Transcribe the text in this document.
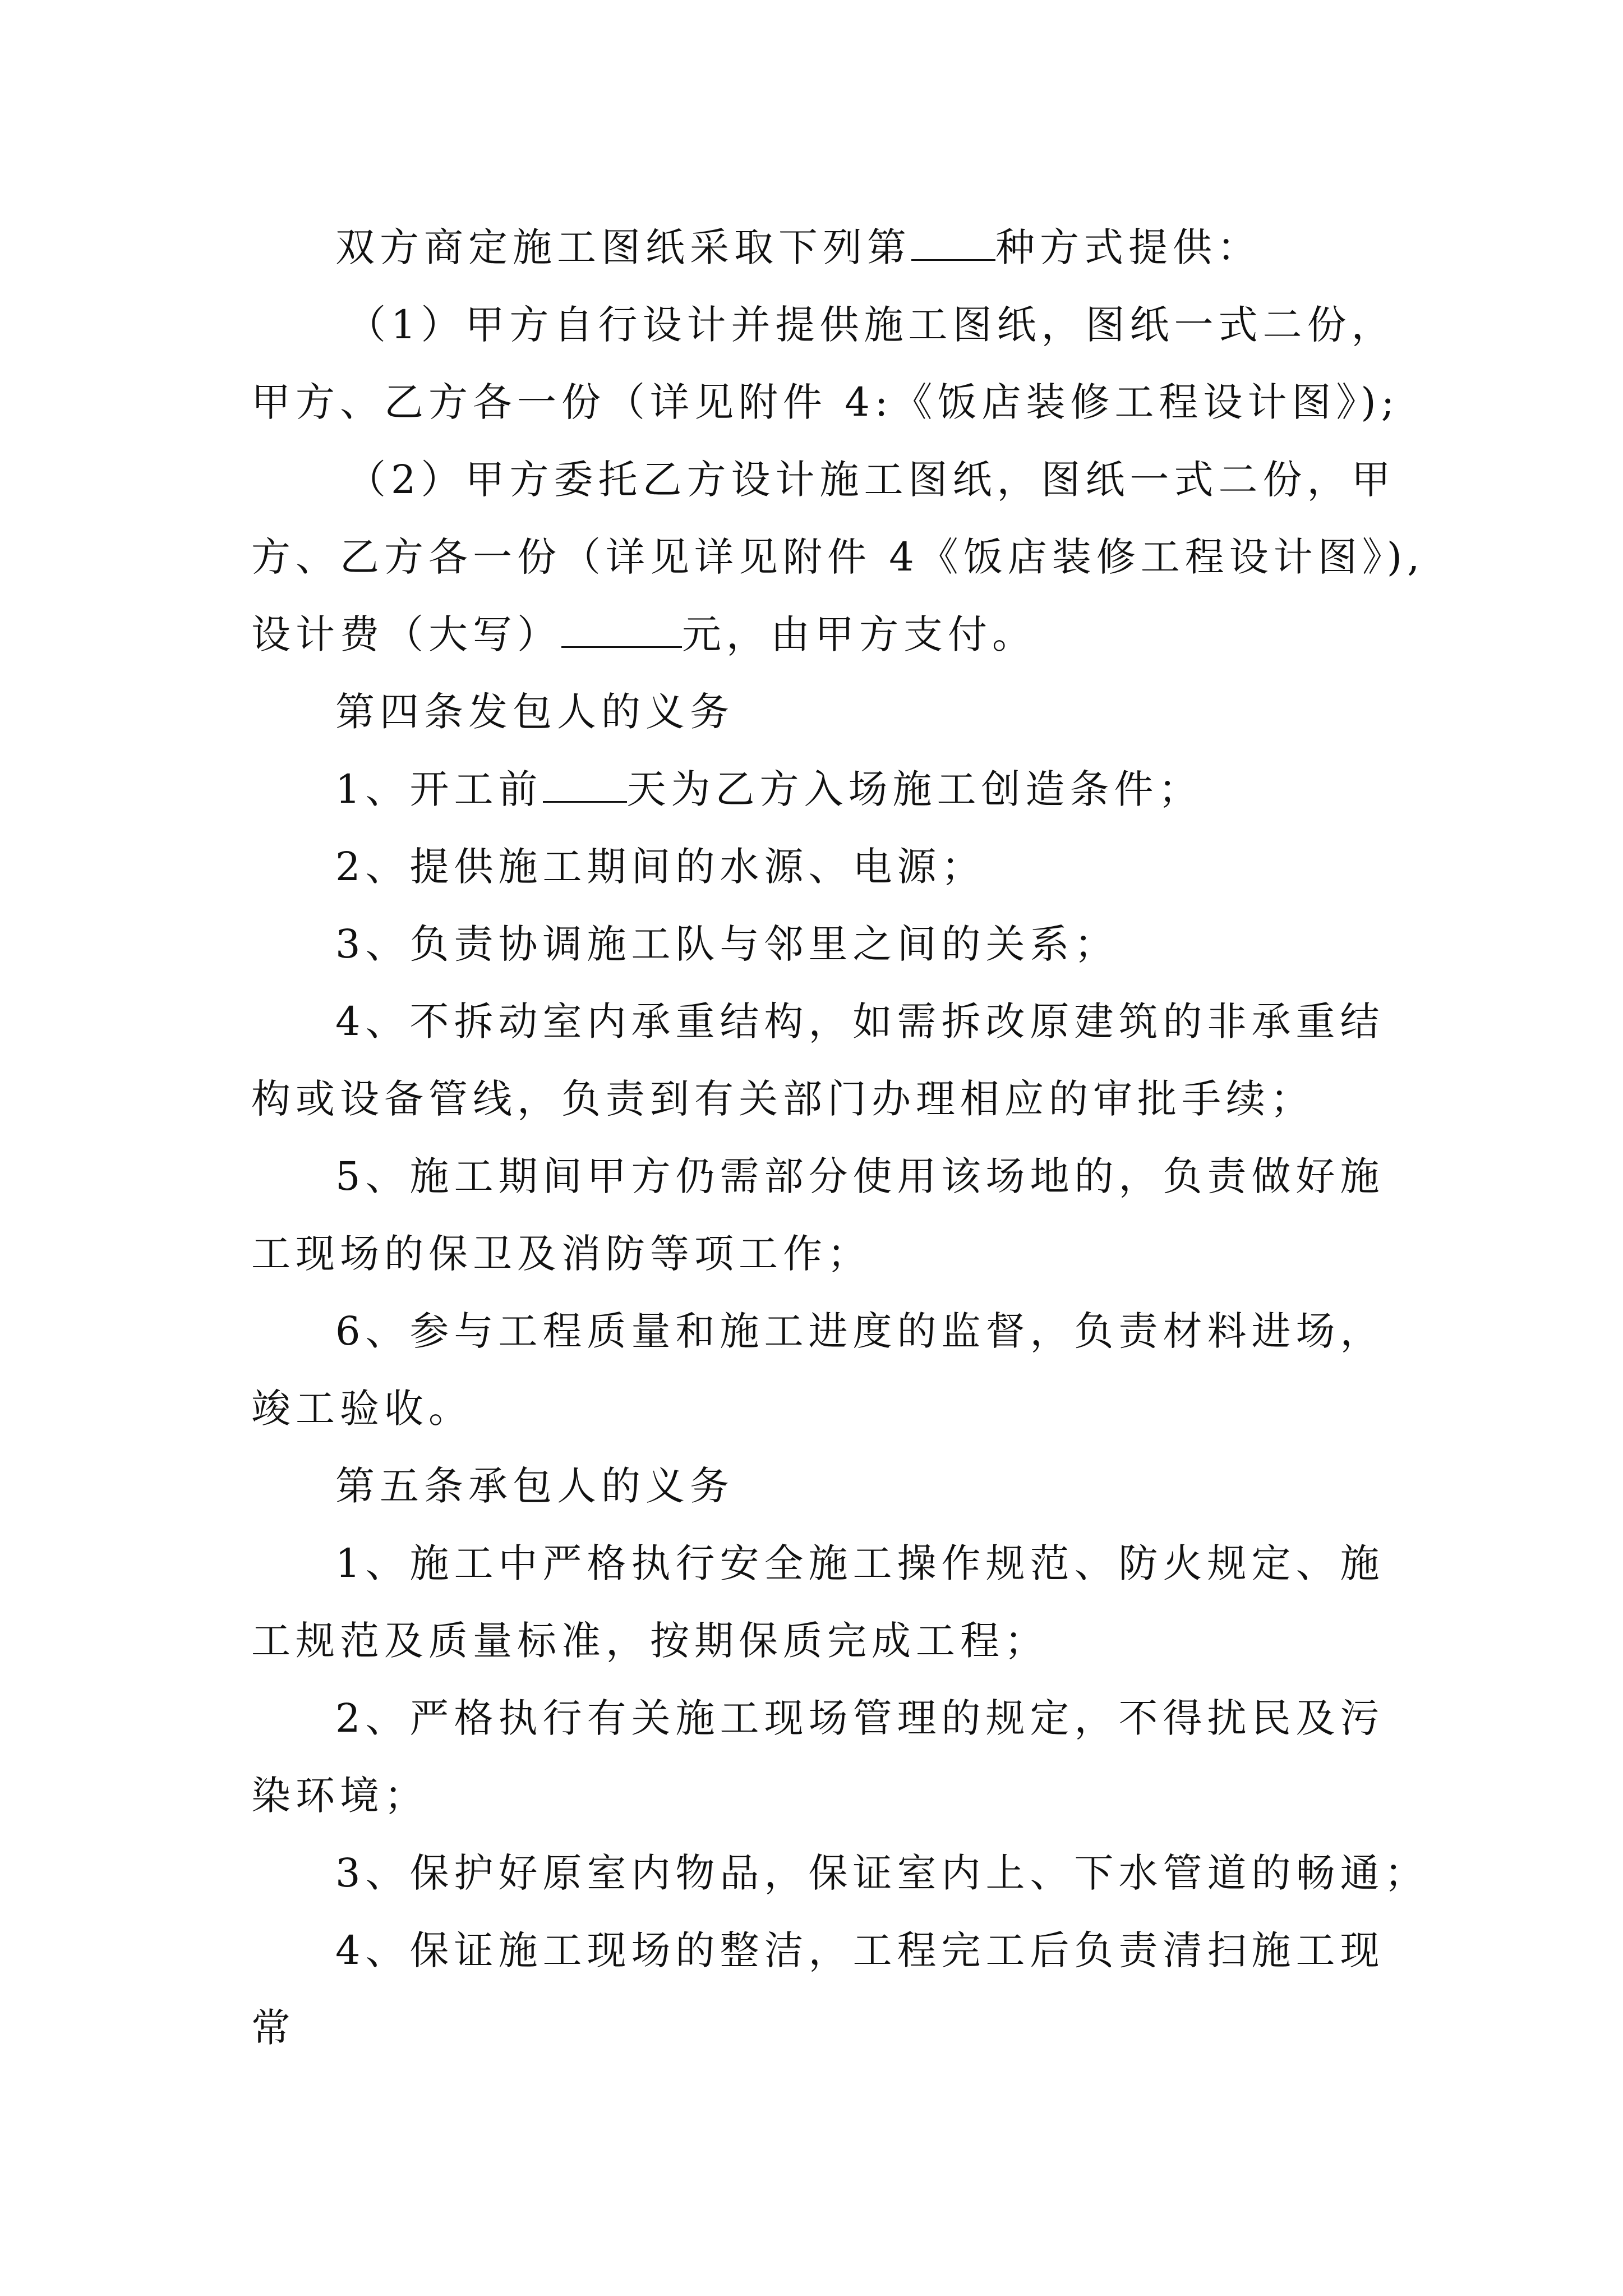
双方商定施工图纸采取下列第 种方式提供：
（1）甲方自行设计并提供施工图纸，图纸一式二份，
甲方、乙方各一份（详见附件 4:《饭店装修工程设计图》);
（2）甲方委托乙方设计施工图纸，图纸一式二份，甲
方、乙方各一份（详见详见附件 4《饭店装修工程设计图》),
设计费（大写）	元，由甲方支付。
第四条发包人的义务
1、开工前 天为乙方入场施工创造条件；
2、提供施工期间的水源、电源；
3、负责协调施工队与邻里之间的关系；
4、不拆动室内承重结构，如需拆改原建筑的非承重结
构或设备管线，负责到有关部门办理相应的审批手续；
5、施工期间甲方仍需部分使用该场地的，负责做好施
工现场的保卫及消防等项工作；
6、参与工程质量和施工进度的监督，负责材料进场，
竣工验收。
第五条承包人的义务
1、施工中严格执行安全施工操作规范、防火规定、施
工规范及质量标准，按期保质完成工程；
2、严格执行有关施工现场管理的规定，不得扰民及污
染环境；
3、保护好原室内物品，保证室内上、下水管道的畅通；
4、保证施工现场的整洁，工程完工后负责清扫施工现
常
